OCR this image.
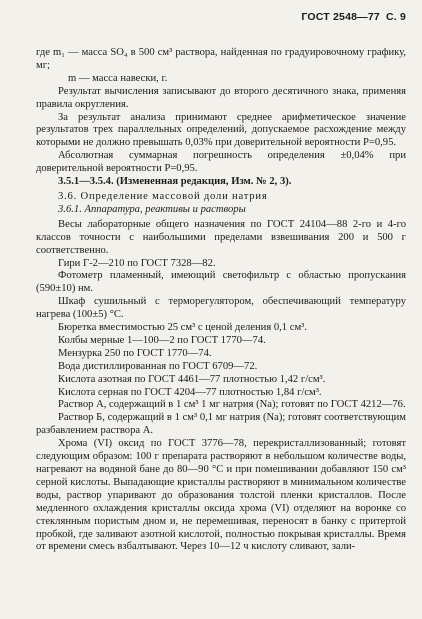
ГОСТ 2548—77 С. 9

где m₁ — масса SO₄ в 500 см³ раствора, найденная по градуировочному графику, мг;

m — масса навески, г.

Результат вычисления записывают до второго десятичного знака, применяя правила округления.

За результат анализа принимают среднее арифметическое значение результатов трех параллельных определений, допускаемое расхождение между которыми не должно превышать 0,03% при доверительной вероятности P=0,95.

Абсолютная суммарная погрешность определения ±0,04% при доверительной вероятности P=0,95.

3.5.1—3.5.4. (Измененная редакция, Изм. № 2, 3).

3.6. Определение массовой доли натрия

3.6.1. Аппаратура, реактивы и растворы

Весы лабораторные общего назначения по ГОСТ 24104—88 2-го и 4-го классов точности с наибольшими пределами взвешивания 200 и 500 г соответственно.

Гири Г-2—210 по ГОСТ 7328—82.

Фотометр пламенный, имеющий светофильтр с областью пропускания (590±10) нм.

Шкаф сушильный с терморегулятором, обеспечивающий температуру нагрева (100±5) °С.

Бюретка вместимостью 25 см³ с ценой деления 0,1 см³.

Колбы мерные 1—100—2 по ГОСТ 1770—74.

Мензурка 250 по ГОСТ 1770—74.

Вода дистиллированная по ГОСТ 6709—72.

Кислота азотная по ГОСТ 4461—77 плотностью 1,42 г/см³.

Кислота серная по ГОСТ 4204—77 плотностью 1,84 г/см³.

Раствор А, содержащий в 1 см³ 1 мг натрия (Na); готовят по ГОСТ 4212—76.

Раствор Б, содержащий в 1 см³ 0,1 мг натрия (Na); готовят соответствующим разбавлением раствора А.

Хрома (VI) оксид по ГОСТ 3776—78, перекристаллизованный; готовят следующим образом: 100 г препарата растворяют в небольшом количестве воды, нагревают на водяной бане до 80—90 °С и при помешивании добавляют 150 см³ серной кислоты. Выпадающие кристаллы растворяют в минимальном количестве воды, раствор упаривают до образования толстой пленки кристаллов. После медленного охлаждения кристаллы оксида хрома (VI) отделяют на воронке со стеклянным пористым дном и, не перемешивая, переносят в банку с притертой пробкой, где заливают азотной кислотой, полностью покрывая кристаллы. Время от времени смесь взбалтывают. Через 10—12 ч кислоту сливают, зали-
